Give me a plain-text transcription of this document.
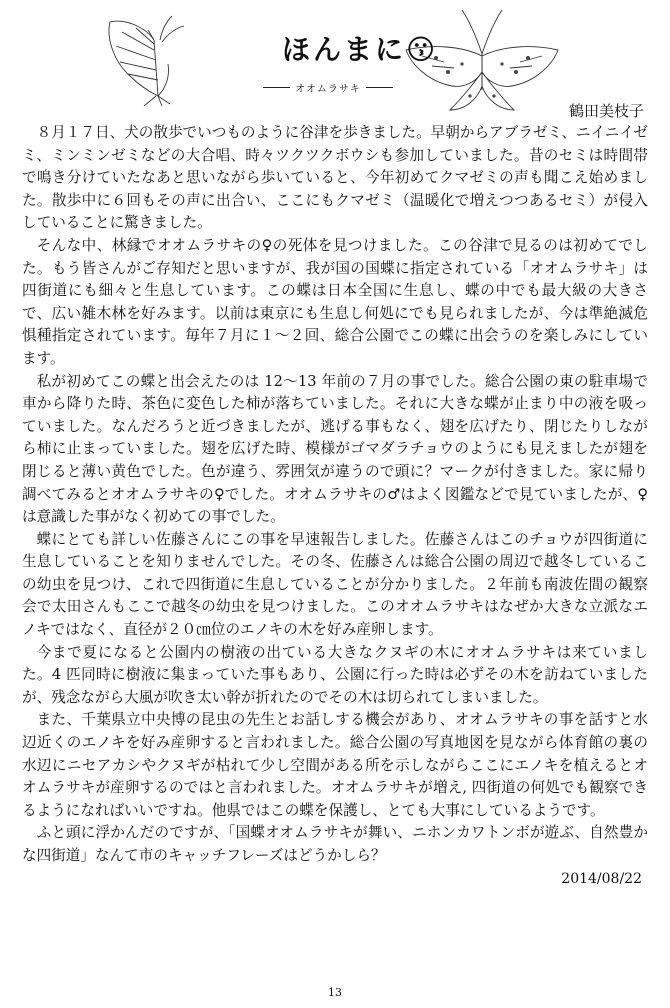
ほんまに😗
オオムラサキ
鶴田美枝子

８月１７日、犬の散歩でいつものように谷津を歩きました。早朝からアブラゼミ、ニイニイゼミ、ミンミンゼミなどの大合唱、時々ツクツクボウシも参加していました。昔のセミは時間帯で鳴き分けていたなあと思いながら歩いていると、今年初めてクマゼミの声も聞こえ始めました。散歩中に６回もその声に出合い、ここにもクマゼミ（温暖化で増えつつあるセミ）が侵入していることに驚きました。

そんな中、林縁でオオムラサキの♀の死体を見つけました。この谷津で見るのは初めてでした。もう皆さんがご存知だと思いますが、我が国の国蝶に指定されている「オオムラサキ」は四街道にも細々と生息しています。この蝶は日本全国に生息し、蝶の中でも最大級の大きさで、広い雑木林を好みます。以前は東京にも生息し何処にでも見られましたが、今は準絶滅危惧種指定されています。毎年７月に１～２回、総合公園でこの蝶に出会うのを楽しみにしています。

私が初めてこの蝶と出会えたのは 12～13 年前の７月の事でした。総合公園の東の駐車場で車から降りた時、茶色に変色した柿が落ちていました。それに大きな蝶が止まり中の液を吸っていました。なんだろうと近づきましたが、逃げる事もなく、翅を広げたり、閉じたりしながら柿に止まっていました。翅を広げた時、模様がゴマダラチョウのようにも見えましたが翅を閉じると薄い黄色でした。色が違う、雰囲気が違うので頭に？マークが付きました。家に帰り調べてみるとオオムラサキの♀でした。オオムラサキの♂はよく図鑑などで見ていましたが、♀は意識した事がなく初めての事でした。

蝶にとても詳しい佐藤さんにこの事を早速報告しました。佐藤さんはこのチョウが四街道に生息していることを知りませんでした。その冬、佐藤さんは総合公園の周辺で越冬しているこの幼虫を見つけ、これで四街道に生息していることが分かりました。２年前も南波佐間の観察会で太田さんもここで越冬の幼虫を見つけました。このオオムラサキはなぜか大きな立派なエノキではなく、直径が２０㎝位のエノキの木を好み産卵します。

今まで夏になると公園内の樹液の出ている大きなクヌギの木にオオムラサキは来ていました。4 匹同時に樹液に集まっていた事もあり、公園に行った時は必ずその木を訪ねていましたが、残念ながら大風が吹き太い幹が折れたのでその木は切られてしまいました。

また、千葉県立中央博の昆虫の先生とお話しする機会があり、オオムラサキの事を話すと水辺近くのエノキを好み産卵すると言われました。総合公園の写真地図を見ながら体育館の裏の水辺にニセアカシやクヌギが枯れて少し空間がある所を示しながらここにエノキを植えるとオオムラサキが産卵するのではと言われました。オオムラサキが増え, 四街道の何処でも観察できるようになればいいですね。他県ではこの蝶を保護し、とても大事にしているようです。

ふと頭に浮かんだのですが、「国蝶オオムラサキが舞い、ニホンカワトンボが遊ぶ、自然豊かな四街道」なんて市のキャッチフレーズはどうかしら？

2014/08/22
13
